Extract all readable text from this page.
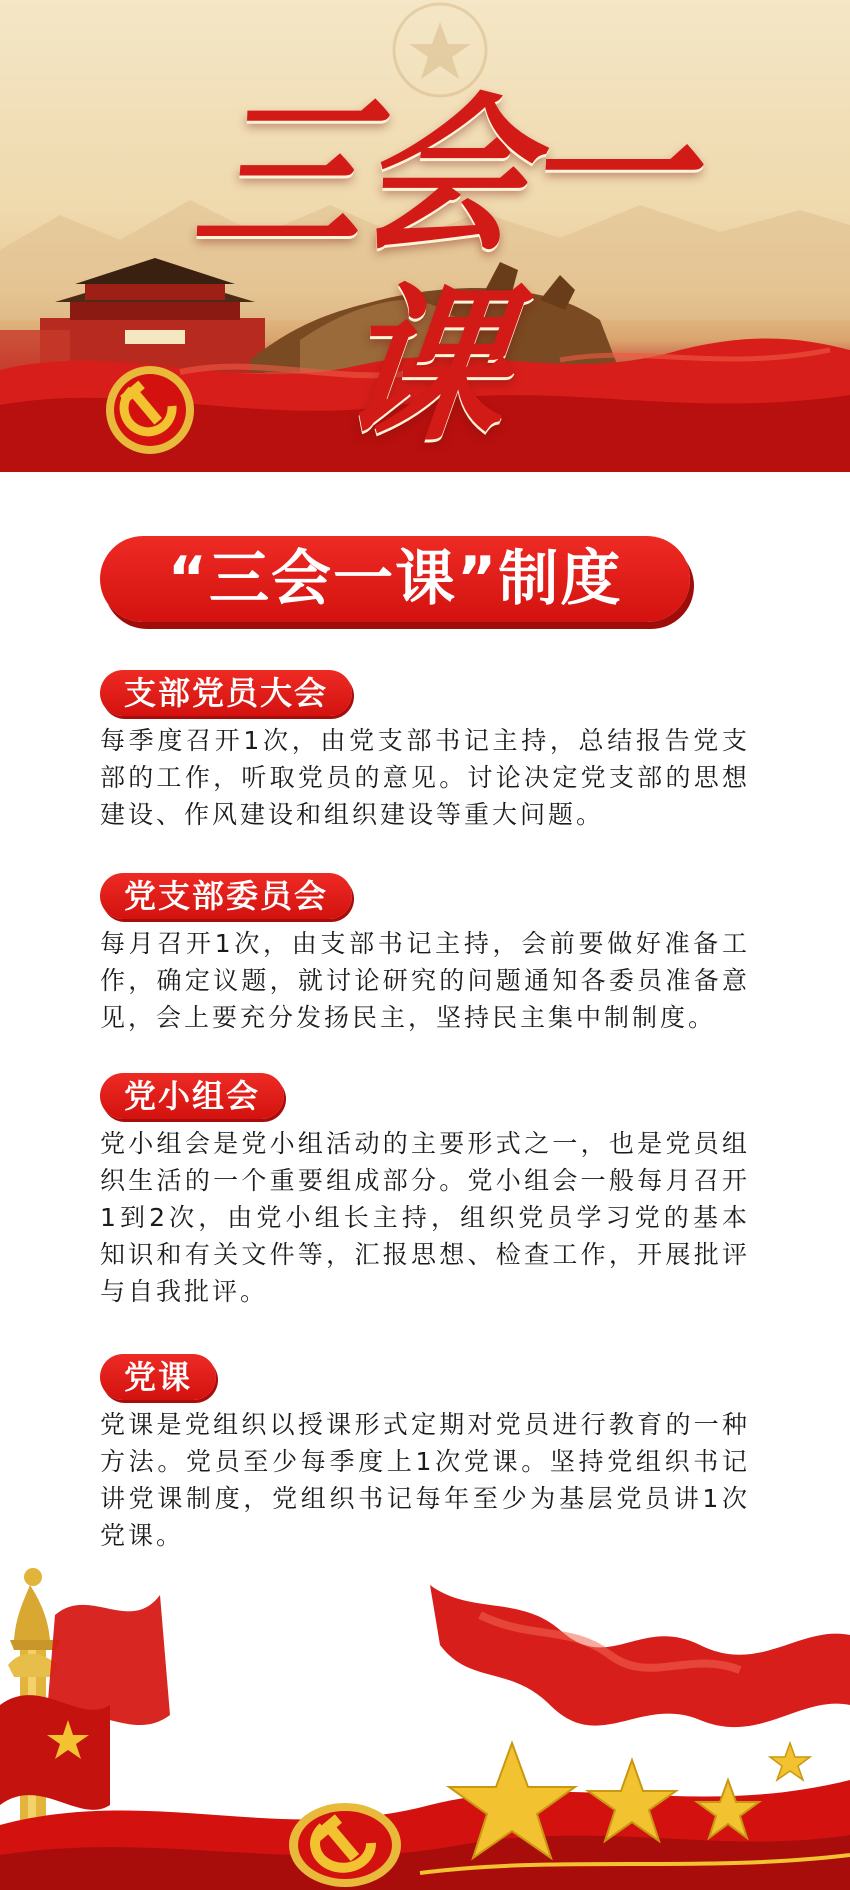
三会一课
“三会一课”制度
支部党员大会

每季度召开1次，由党支部书记主持，总结报告党支部的工作，听取党员的意见。讨论决定党支部的思想建设、作风建设和组织建设等重大问题。

党支部委员会

每月召开1次，由支部书记主持，会前要做好准备工作，确定议题，就讨论研究的问题通知各委员准备意见，会上要充分发扬民主，坚持民主集中制制度。

党小组会

党小组会是党小组活动的主要形式之一，也是党员组织生活的一个重要组成部分。党小组会一般每月召开1到2次，由党小组长主持，组织党员学习党的基本知识和有关文件等，汇报思想、检查工作，开展批评与自我批评。

党课

党课是党组织以授课形式定期对党员进行教育的一种方法。党员至少每季度上1次党课。坚持党组织书记讲党课制度，党组织书记每年至少为基层党员讲1次党课。
